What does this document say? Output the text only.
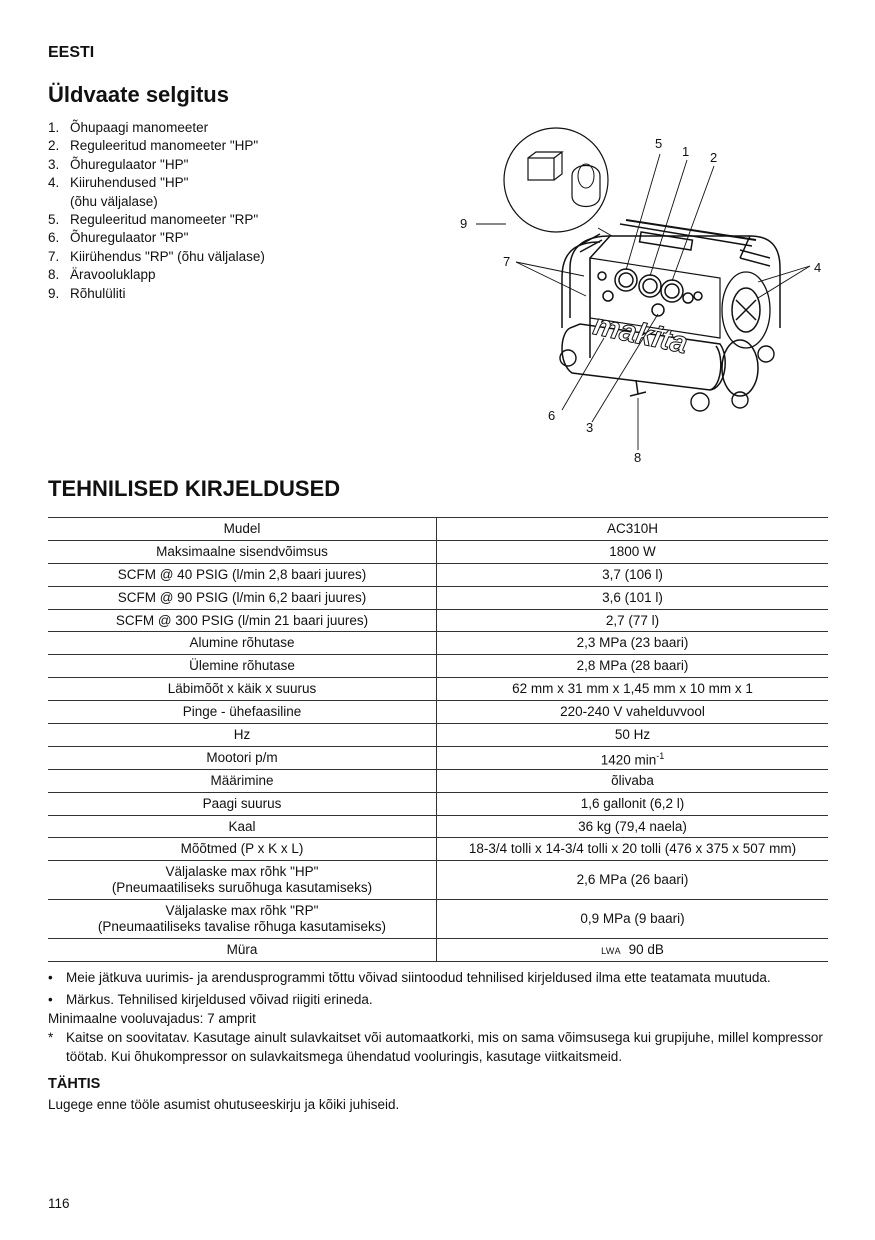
EESTI
Üldvaate selgitus
1. Õhupaagi manomeeter
2. Reguleeritud manomeeter "HP"
3. Õhuregulaator "HP"
4. Kiiruhendused "HP"
(õhu väljalase)
5. Reguleeritud manomeeter "RP"
6. Õhuregulaator "RP"
7. Kiirühendus "RP" (õhu väljalase)
8. Äravooluklapp
9. Rõhulüliti
makita
5
1 2
9
7	4
6
3
8
TEHNILISED KIRJELDUSED
Mudel	AC310H
Maksimaalne sisendvõimsus	1800 W
SCFM @ 40 PSIG (l/min 2,8 baari juures)	3,7 (106 l)
SCFM @ 90 PSIG (l/min 6,2 baari juures)	3,6 (101 l)
SCFM @ 300 PSIG (l/min 21 baari juures)	2,7 (77 l)
Alumine rõhutase	2,3 MPa (23 baari)
Ülemine rõhutase	2,8 MPa (28 baari)
Läbimõõt x käik x suurus	62 mm x 31 mm x 1,45 mm x 10 mm x 1
Pinge - ühefaasiline	220-240 V vahelduvvool
Hz	50 Hz
Mootori p/m	1420 $\min^{-1}$
Määrimine	õlivaba
Paagi suurus	1,6 gallonit (6,2 l)
Kaal	36 kg (79,4 naela)
Mõõtmed (P x K x L)	18-3/4 tolli x 14-3/4 tolli x 20 tolli (476 x 375 x 507 mm)

Väljalaske max rõhk "HP"
(Pneumaatiliseks suruõhuga kasutamiseks)	2,6 MPa (26 baari)

Väljalaske max rõhk "RP"
(Pneumaatiliseks tavalise rõhuga kasutamiseks)	0,9 MPa (9 baari)
Müra	LWA 90 dB
• Meie jätkuva uurimis- ja arendusprogrammi tõttu võivad siintoodud tehnilised kirjeldused ilma ette teatamata muutuda.
• Märkus. Tehnilised kirjeldused võivad riigiti erineda.
Minimaalne vooluvajadus: 7 amprit
* Kaitse on soovitatav. Kasutage ainult sulavkaitset või automaatkorki, mis on sama võimsusega kui grupijuhe, millel kompressor töötab. Kui õhukompressor on sulavkaitsmega ühendatud vooluringis, kasutage viitkaitsmeid.
TÄHTIS
Lugege enne tööle asumist ohutuseeskirju ja kõiki juhiseid.
116
